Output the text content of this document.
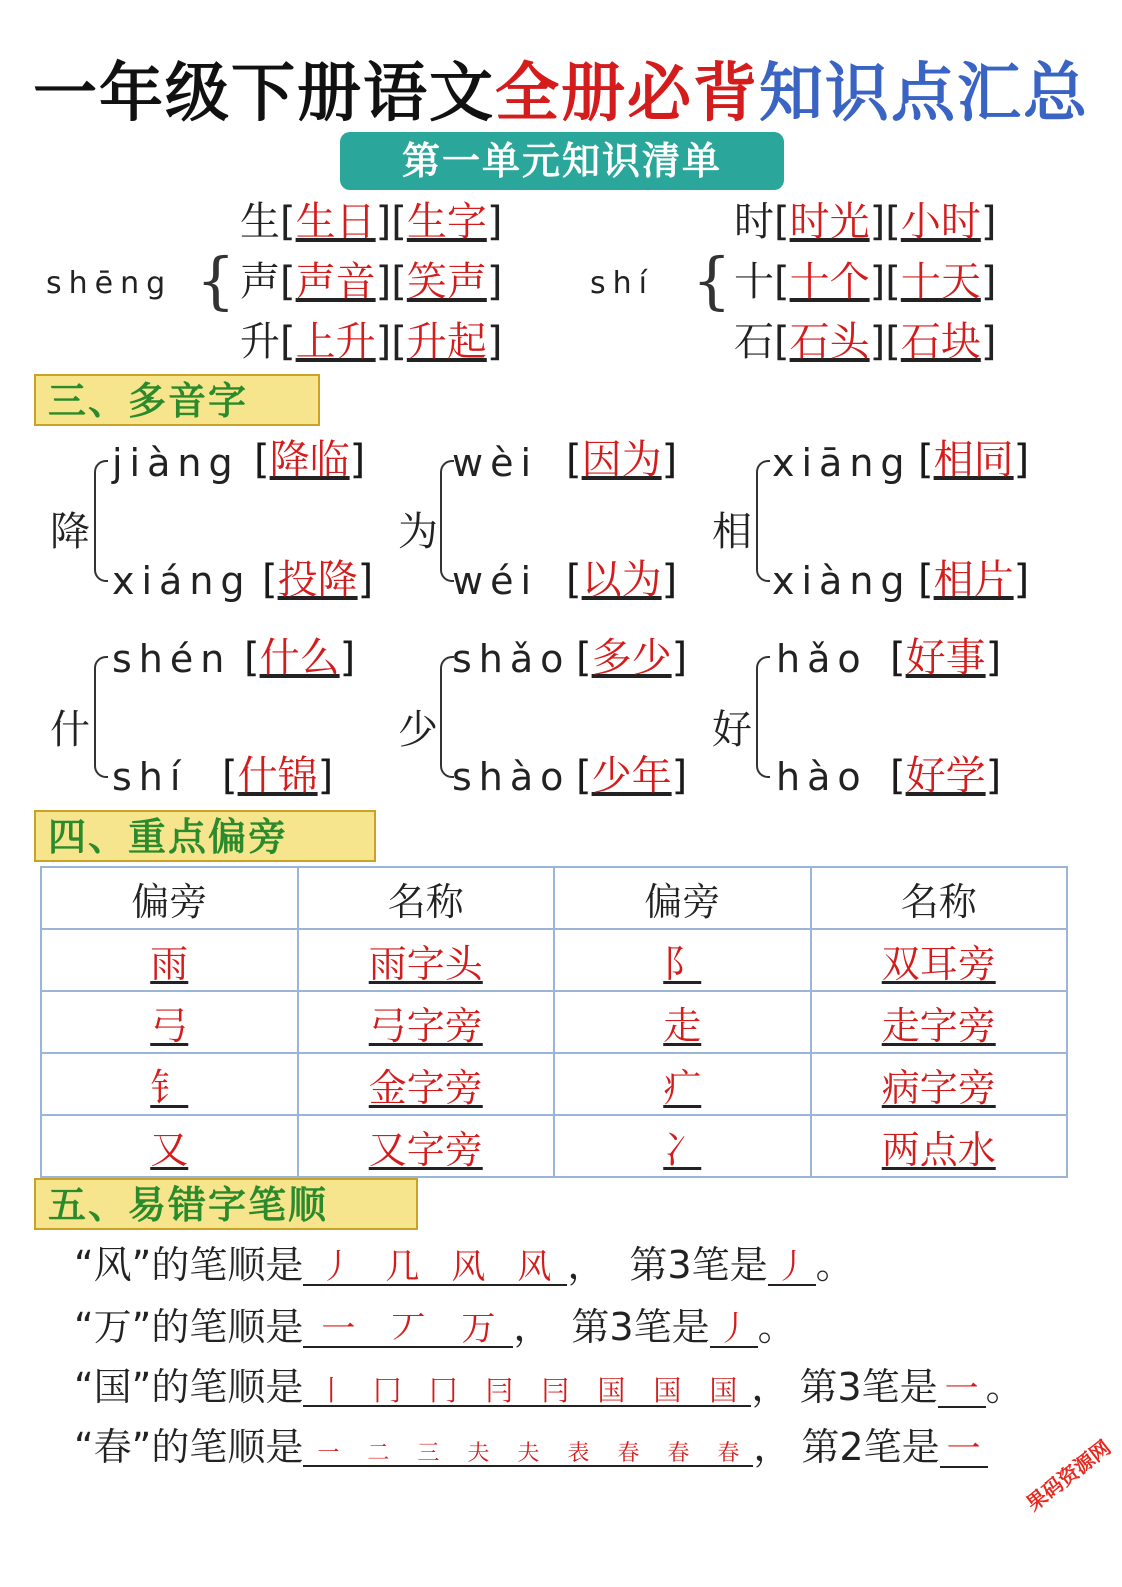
一年级下册语文全册必背知识点汇总
第一单元知识清单
shēng {
生[生日][生字]
声[声音][笑声]
升[上升][升起]
shí {
时[时光][小时]
十[十个][十天]
石[石头][石块]
三、多音字
降
jiàng [降临]
xiáng [投降]
为
wèi [因为]
wéi [以为]
相
xiāng [相同]
xiàng [相片]
什
shén [什么]
shí [什锦]
少
shǎo [多少]
shào [少年]
好
hǎo [好事]
hào [好学]
四、重点偏旁
偏旁	名称	偏旁	名称
雨	雨字头	阝	双耳旁
弓	弓字旁	走	走字旁
钅	金字旁	疒	病字旁
又	又字旁	冫	两点水
五、易错字笔顺
“风”的笔顺是 丿 几 风 风 ， 第3笔是 丿 。
“万”的笔顺是 一 丆 万 ， 第3笔是 丿 。
“国”的笔顺是 丨 冂 冂 冃 冃 国 国 国 ， 第3笔是 一 。
“春”的笔顺是 一 二 三 夫 夫 表 春 春 春 ， 第2笔是 一	果码资源网
